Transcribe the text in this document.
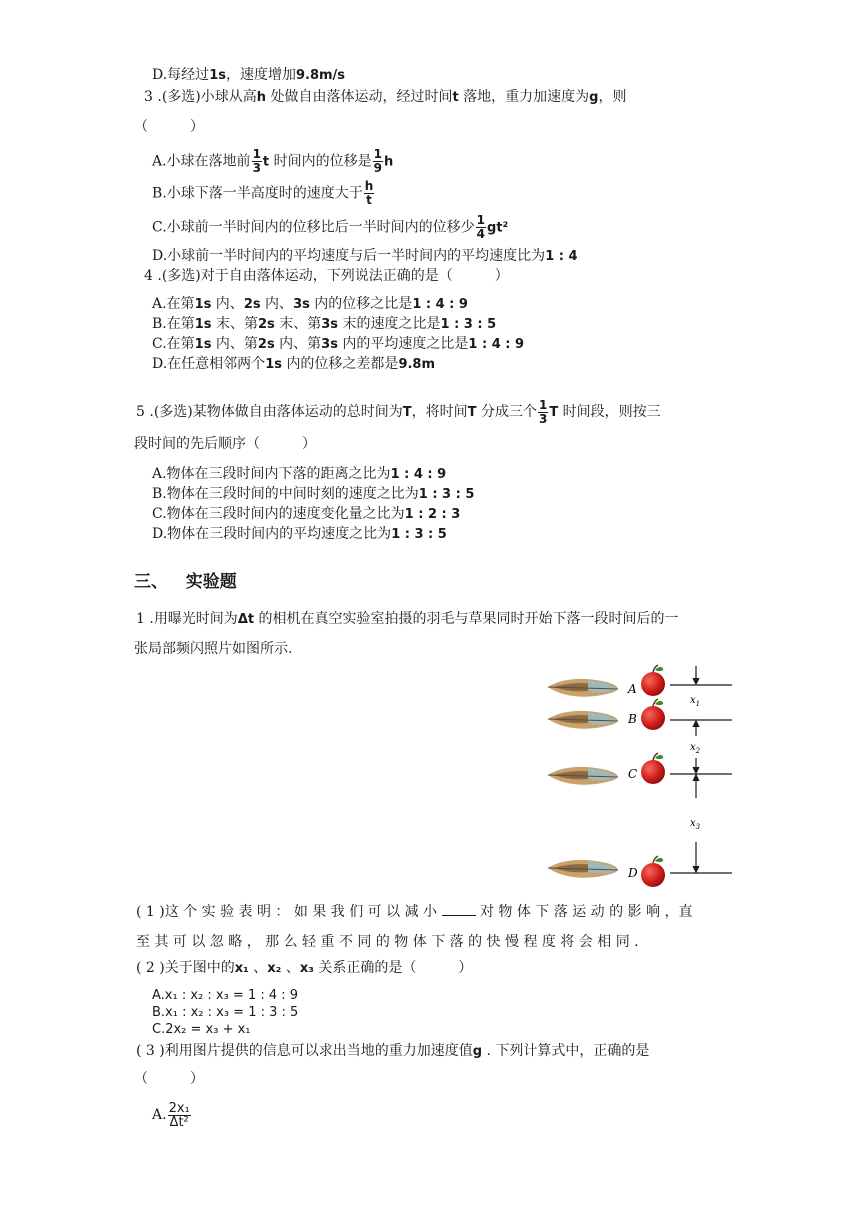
D.每经过1s，速度增加9.8m/s
3 .(多选)小球从高h 处做自由落体运动，经过时间t 落地，重力加速度为g，则
（　　　）
A.小球在落地前 $\frac{1}{3}$ t 时间内的位移是 $\frac{1}{9}$ h
B.小球下落一半高度时的速度大于 $\frac{h}{t}$
C.小球前一半时间内的位移比后一半时间内的位移少 $\frac{1}{4} gt^2$
D.小球前一半时间内的平均速度与后一半时间内的平均速度比为1 : 4
4 .(多选)对于自由落体运动，下列说法正确的是（　　　）
A.在第1s 内、2s 内、3s 内的位移之比是1 : 4 : 9
B.在第1s 末、第2s 末、第3s 末的速度之比是1 : 3 : 5
C.在第1s 内、第2s 内、第3s 内的平均速度之比是1 : 4 : 9
D.在任意相邻两个1s 内的位移之差都是9.8m
5 .(多选)某物体做自由落体运动的总时间为T，将时间T 分成三个 $\frac{1}{3}$ T 时间段，则按三
段时间的先后顺序（　　　）
A.物体在三段时间内下落的距离之比为1 : 4 : 9
B.物体在三段时间的中间时刻的速度之比为1 : 3 : 5
C.物体在三段时间内的速度变化量之比为1 : 2 : 3
D.物体在三段时间内的平均速度之比为1 : 3 : 5
三、 实验题
1 .用曝光时间为Δt 的相机在真空实验室拍摄的羽毛与草果同时开始下落一段时间后的一
张局部频闪照片如图所示.
A
B
C
D
$x_1$
$x_2$
$x_3$
( 1 )这 个 实 验 表 明 ： 如 果 我 们 可 以 减 小	对 物 体 下 落 运 动 的 影 响 ，直
至 其 可 以 忽 略 ， 那 么 轻 重 不 同 的 物 体 下 落 的 快 慢 程 度 将 会 相 同 .
( 2 )关于图中的x₁ 、x₂ 、x₃ 关系正确的是（　　　）
A.x₁ : x₂ : x₃ = 1 : 4 : 9
B.x₁ : x₂ : x₃ = 1 : 3 : 5
C.2x₂ = x₃ + x₁
( 3 )利用图片提供的信息可以求出当地的重力加速度值g . 下列计算式中，正确的是
（　　　）
A. $\frac{\text{2x₁}}{\text{Δt²}}$
